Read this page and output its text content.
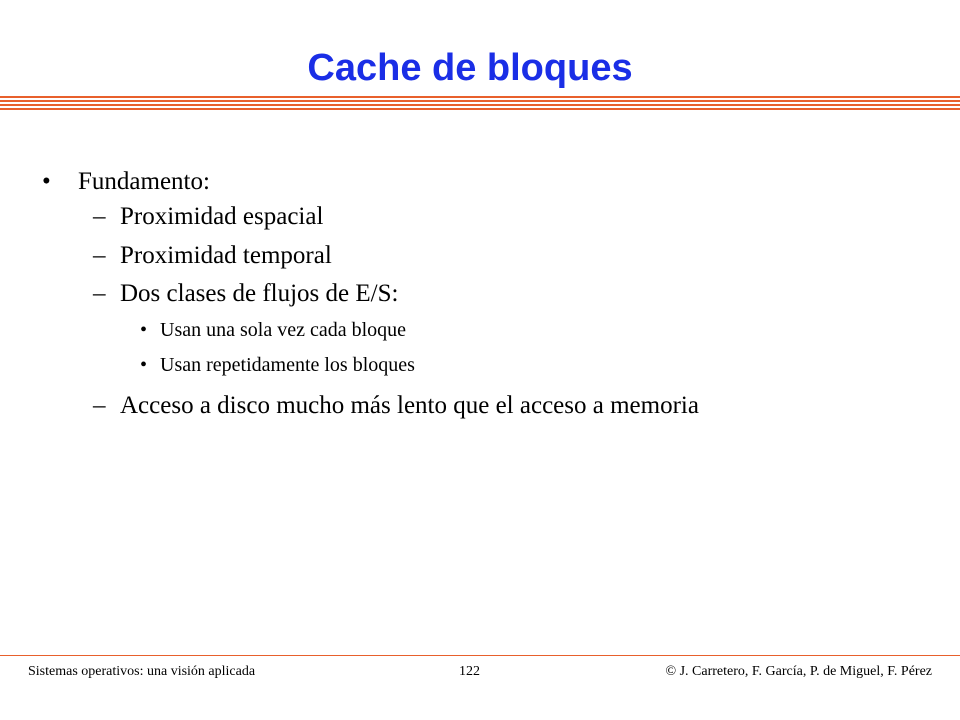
Cache de bloques
• Fundamento:
– Proximidad espacial
– Proximidad temporal
– Dos clases de flujos de E/S:
• Usan una sola vez cada bloque
• Usan repetidamente los bloques
– Acceso a disco mucho más lento que el acceso a memoria
Sistemas operativos: una visión aplicada	122	© J. Carretero, F. García, P. de Miguel, F. Pérez
